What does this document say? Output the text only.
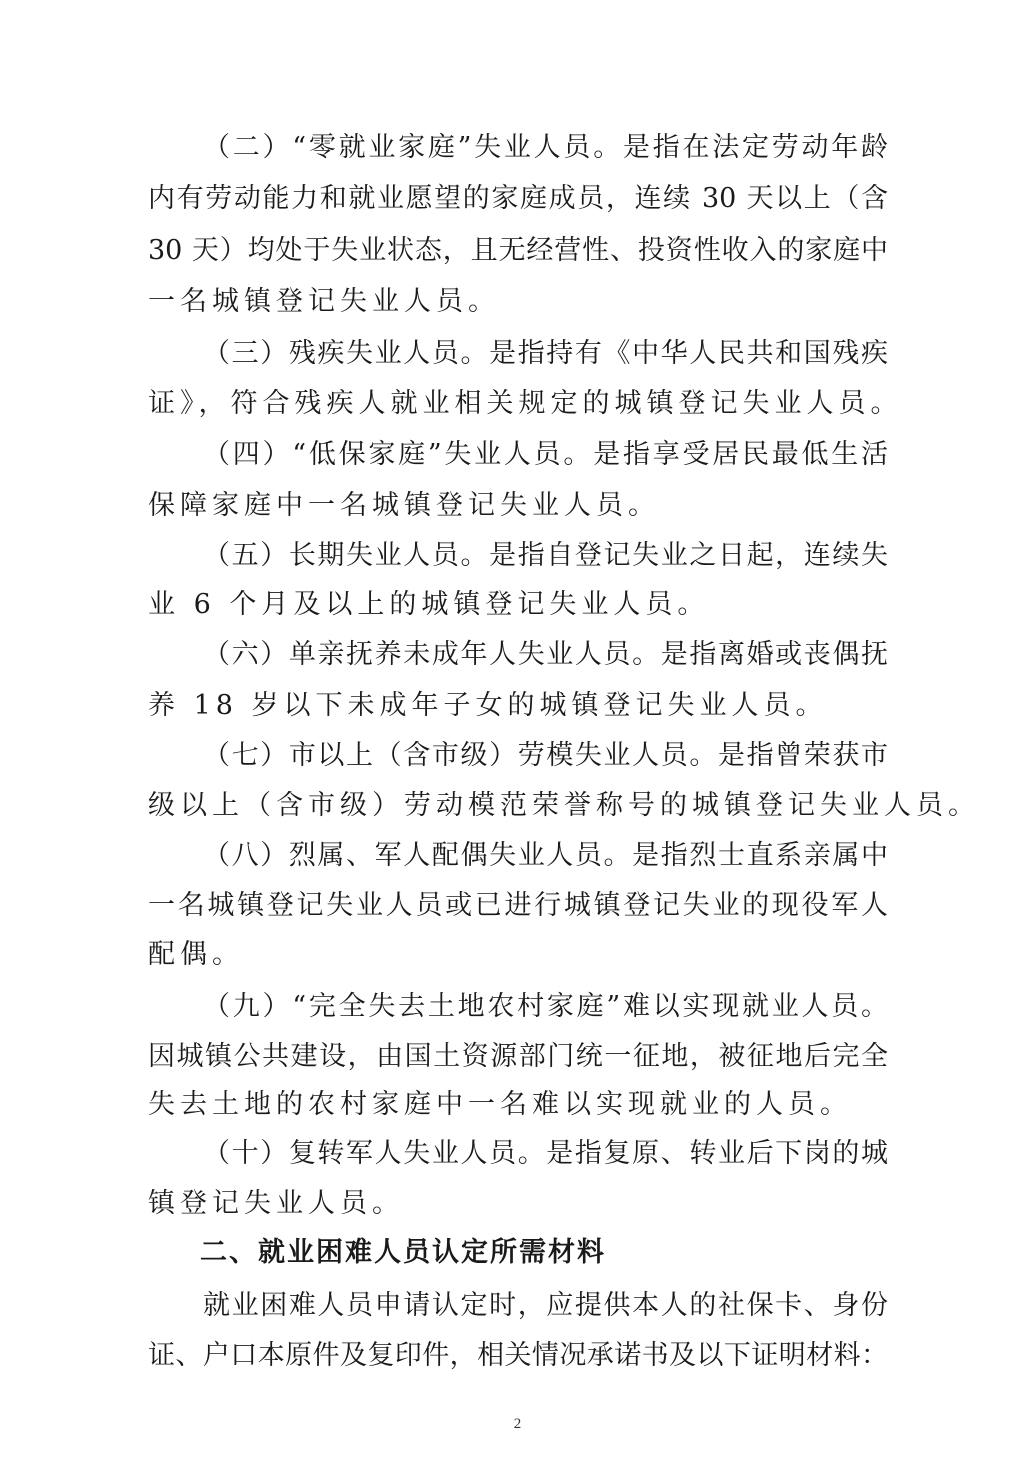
（二）“零就业家庭”失业人员。是指在法定劳动年龄
内有劳动能力和就业愿望的家庭成员，连续 30 天以上（含
30 天）均处于失业状态，且无经营性、投资性收入的家庭中
一名城镇登记失业人员。
（三）残疾失业人员。是指持有《中华人民共和国残疾
证》，符合残疾人就业相关规定的城镇登记失业人员。
（四）“低保家庭”失业人员。是指享受居民最低生活
保障家庭中一名城镇登记失业人员。
（五）长期失业人员。是指自登记失业之日起，连续失
业 6 个月及以上的城镇登记失业人员。
（六）单亲抚养未成年人失业人员。是指离婚或丧偶抚
养 18 岁以下未成年子女的城镇登记失业人员。
（七）市以上（含市级）劳模失业人员。是指曾荣获市
级以上（含市级）劳动模范荣誉称号的城镇登记失业人员。
（八）烈属、军人配偶失业人员。是指烈士直系亲属中
一名城镇登记失业人员或已进行城镇登记失业的现役军人
配偶。
（九）“完全失去土地农村家庭”难以实现就业人员。
因城镇公共建设，由国土资源部门统一征地，被征地后完全
失去土地的农村家庭中一名难以实现就业的人员。
（十）复转军人失业人员。是指复原、转业后下岗的城
镇登记失业人员。
二、就业困难人员认定所需材料
就业困难人员申请认定时，应提供本人的社保卡、身份
证、户口本原件及复印件，相关情况承诺书及以下证明材料：
2
